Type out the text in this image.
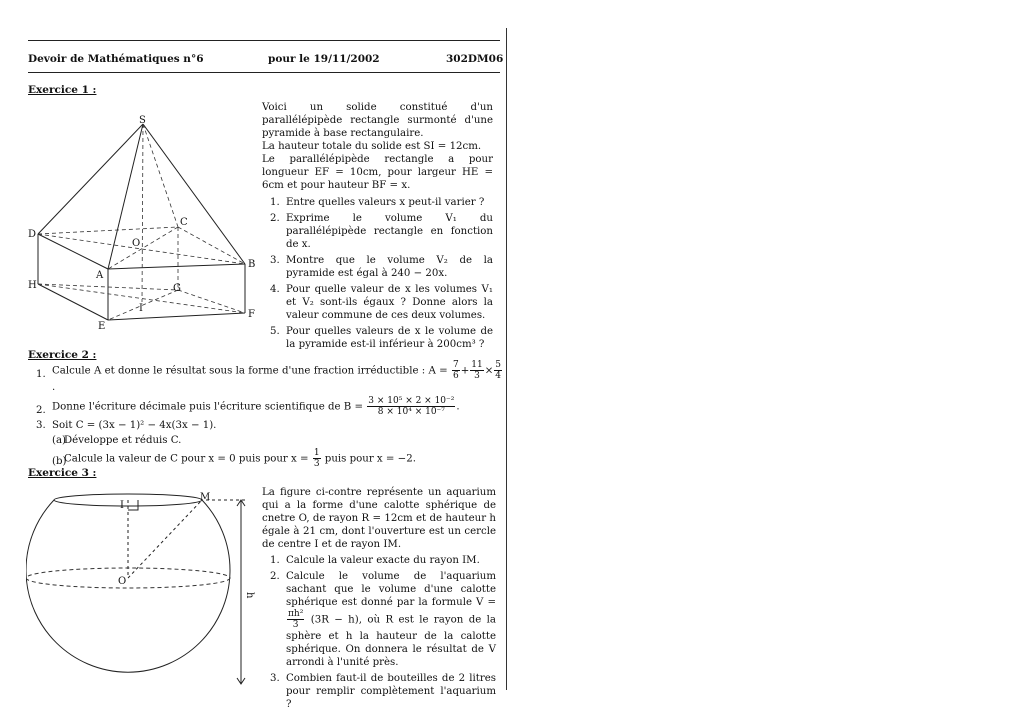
Devoir de Mathématiques n°6	pour le 19/11/2002	302DM06
Exercice 1 :
S
C
D
O
A
B
H	G
I
E
F
Voici un solide constitué d'un parallélépipède rectangle surmonté d'une pyramide à base rectangulaire.
La hauteur totale du solide est SI = 12cm.
Le parallélépipède rectangle a pour longueur EF = 10cm, pour largeur HE = 6cm et pour hauteur BF = x.
1. Entre quelles valeurs x peut-il varier ?
2. Exprime le volume V₁ du parallélépipède rectangle en fonction de x.
3. Montre que le volume V₂ de la pyramide est égal à 240 − 20x.
4. Pour quelle valeur de x les volumes V₁ et V₂ sont-ils égaux ? Donne alors la valeur commune de ces deux volumes.
5. Pour quelles valeurs de x le volume de la pyramide est-il inférieur à 200cm³ ?
Exercice 2 :
1. Calcule A et donne le résultat sous la forme d'une fraction irréductible : $A = \frac{7}{6} + \frac{11}{3} \times \frac{5}{4}$
.
2. Donne l'écriture décimale puis l'écriture scientifique de $B = \frac{\text{3 × 10⁵ × 2 × 10⁻²}}{\text{8 × 10⁴ × 10⁻⁷}}$ .
3. Soit C = (3x − 1)² − 4x(3x − 1).
(a)
Développe et réduis C.
(b)
Calcule la valeur de C pour x = 0 puis pour $x = \frac{1}{3}$ puis pour x = −2.
Exercice 3 :
I
M
O
h
La figure ci-contre représente un aquarium qui a la forme d'une calotte sphérique de cnetre O, de rayon R = 12cm et de hauteur h égale à 21 cm, dont l'ouverture est un cercle de centre I et de rayon IM.
1. Calcule la valeur exacte du rayon IM.
2. Calcule le volume de l'aquarium sachant que le volume d'une calotte sphérique est donné par la formule V =
$\frac{\text{πh²}}{3} (3R - h)$, où R est le rayon de la sphère et h la hauteur de la calotte sphérique. On donnera le résultat de V arrondi à l'unité près.
3. Combien faut-il de bouteilles de 2 litres pour remplir complètement l'aquarium ?
